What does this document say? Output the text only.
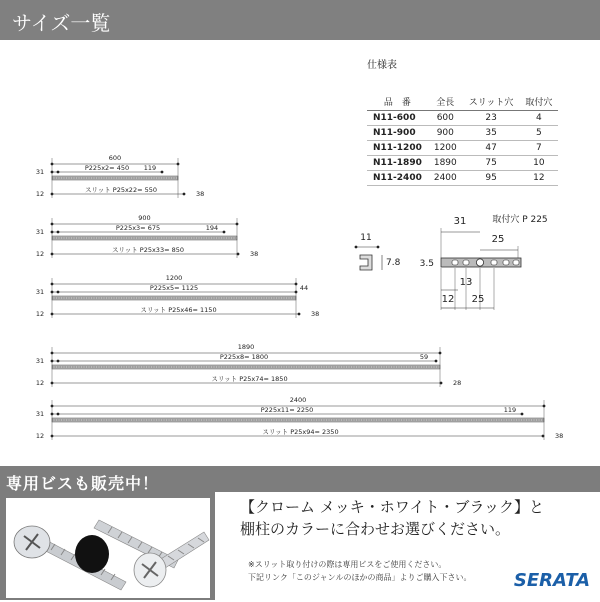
サイズ一覧
仕様表
品　番	全長	スリット穴	取付穴
N11-600	600	23	4
N11-900	900	35	5
N11-1200	1200	47	7
N11-1890	1890	75	10
N11-2400	2400	95	12
600
31	P225x2= 450 119
12	スリット P25x22= 550	38
900
31	P225x3= 675	194
12	スリット P25x33= 850	38
1200
31	P225x5= 1125	44
12	スリット P25x46= 1150	38
1890
31	P225x8= 1800	59
12	スリット P25x74= 1850	28
2400
31	P225x11= 2250	119
12	スリット P25x94= 2350	38
11
7.8
31	取付穴 P 225
25
3.5
13
12 25
専用ビスも販売中！
【クローム メッキ・ホワイト・ブラック】と
棚柱のカラーに合わせお選びください。
※スリット取り付けの際は専用ビスをご使用ください。
下記リンク「このジャンルのほかの商品」よりご購入下さい。 SERATA
